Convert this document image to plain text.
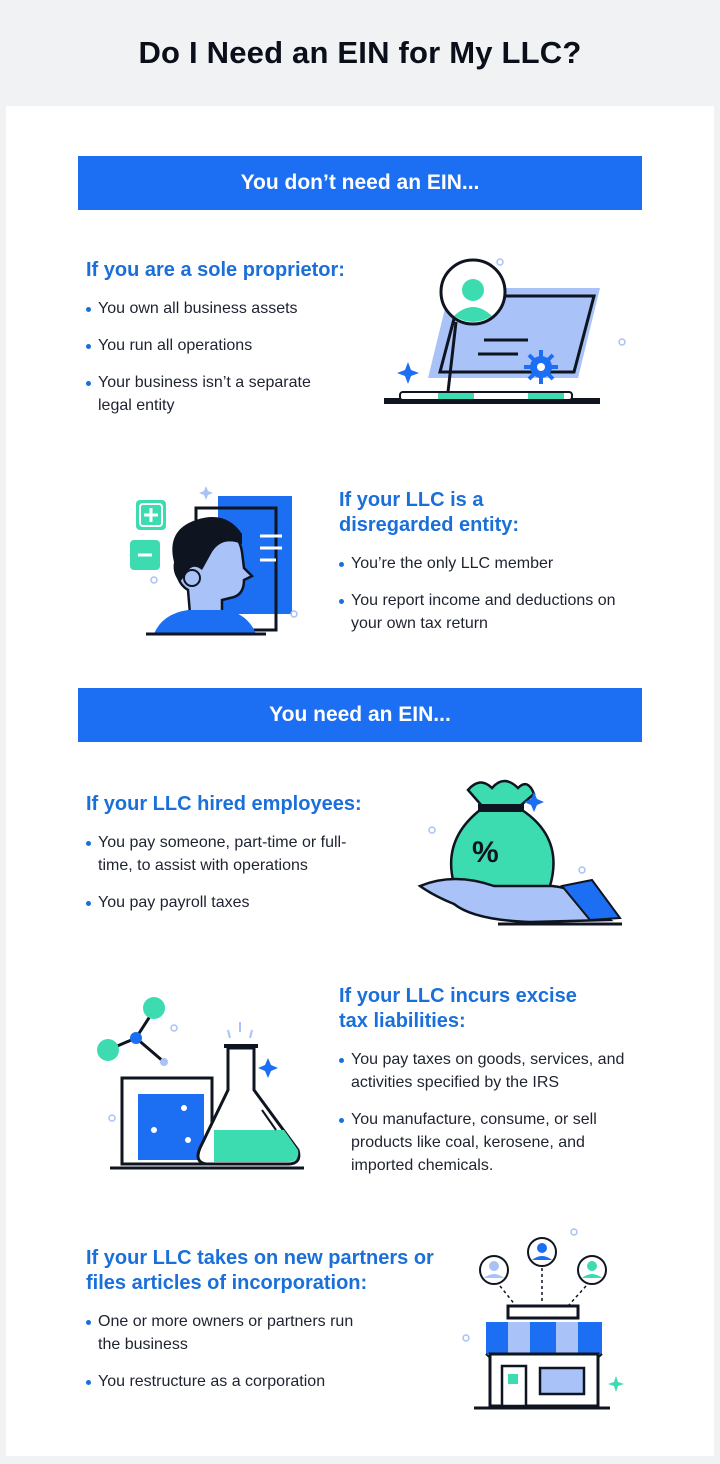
Do I Need an EIN for My LLC?
You don’t need an EIN...
If you are a sole proprietor:
You own all business assets
You run all operations
Your business isn’t a separate legal entity
If your LLC is a disregarded entity:
You’re the only LLC member
You report income and deductions on your own tax return
You need an EIN...
If your LLC hired employees:
You pay someone, part-time or full-time, to assist with operations
You pay payroll taxes
%
If your LLC incurs excise tax liabilities:
You pay taxes on goods, services, and activities specified by the IRS
You manufacture, consume, or sell products like coal, kerosene, and imported chemicals.
If your LLC takes on new partners or files articles of incorporation:
One or more owners or partners run the business
You restructure as a corporation
